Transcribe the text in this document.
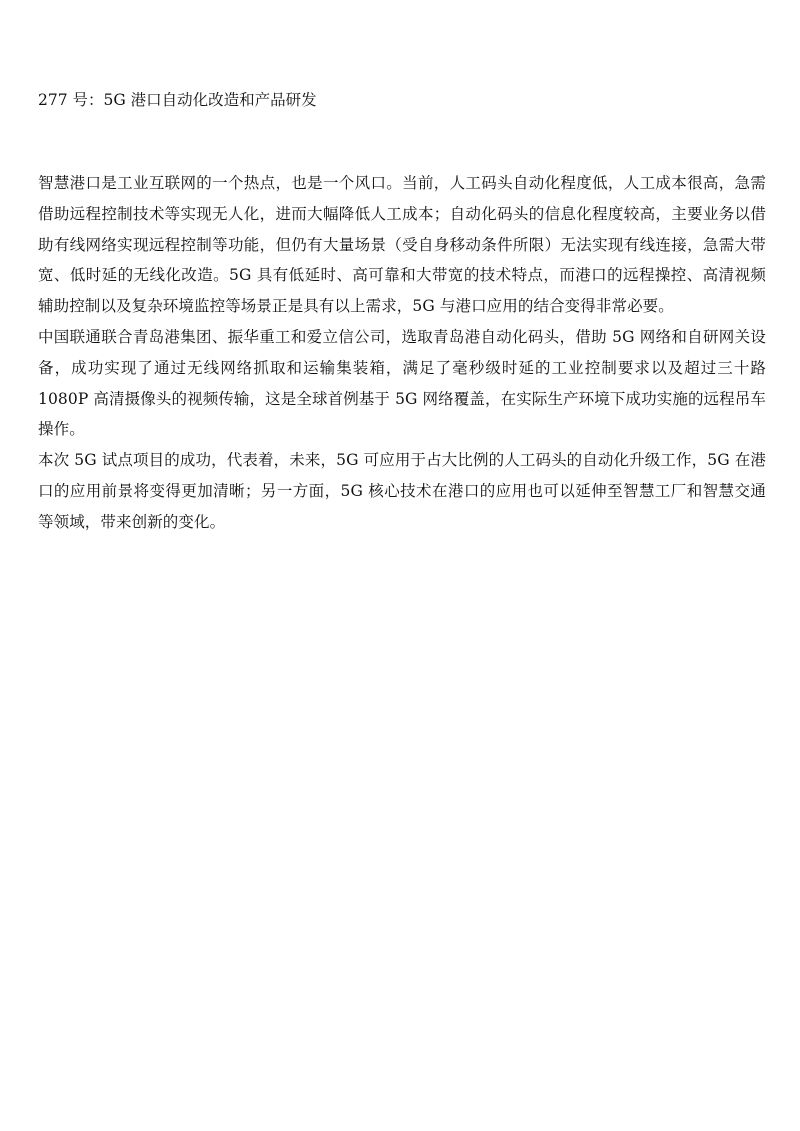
277 号：5G 港口自动化改造和产品研发

智慧港口是工业互联网的一个热点，也是一个风口。当前，人工码头自动化程度低，人工成本很高，急需借助远程控制技术等实现无人化，进而大幅降低人工成本；自动化码头的信息化程度较高，主要业务以借助有线网络实现远程控制等功能，但仍有大量场景（受自身移动条件所限）无法实现有线连接，急需大带宽、低时延的无线化改造。5G 具有低延时、高可靠和大带宽的技术特点，而港口的远程操控、高清视频辅助控制以及复杂环境监控等场景正是具有以上需求，5G 与港口应用的结合变得非常必要。

中国联通联合青岛港集团、振华重工和爱立信公司，选取青岛港自动化码头，借助 5G 网络和自研网关设备，成功实现了通过无线网络抓取和运输集装箱，满足了毫秒级时延的工业控制要求以及超过三十路 1080P 高清摄像头的视频传输，这是全球首例基于 5G 网络覆盖，在实际生产环境下成功实施的远程吊车操作。

本次 5G 试点项目的成功，代表着，未来，5G 可应用于占大比例的人工码头的自动化升级工作，5G 在港口的应用前景将变得更加清晰；另一方面，5G 核心技术在港口的应用也可以延伸至智慧工厂和智慧交通等领域，带来创新的变化。
